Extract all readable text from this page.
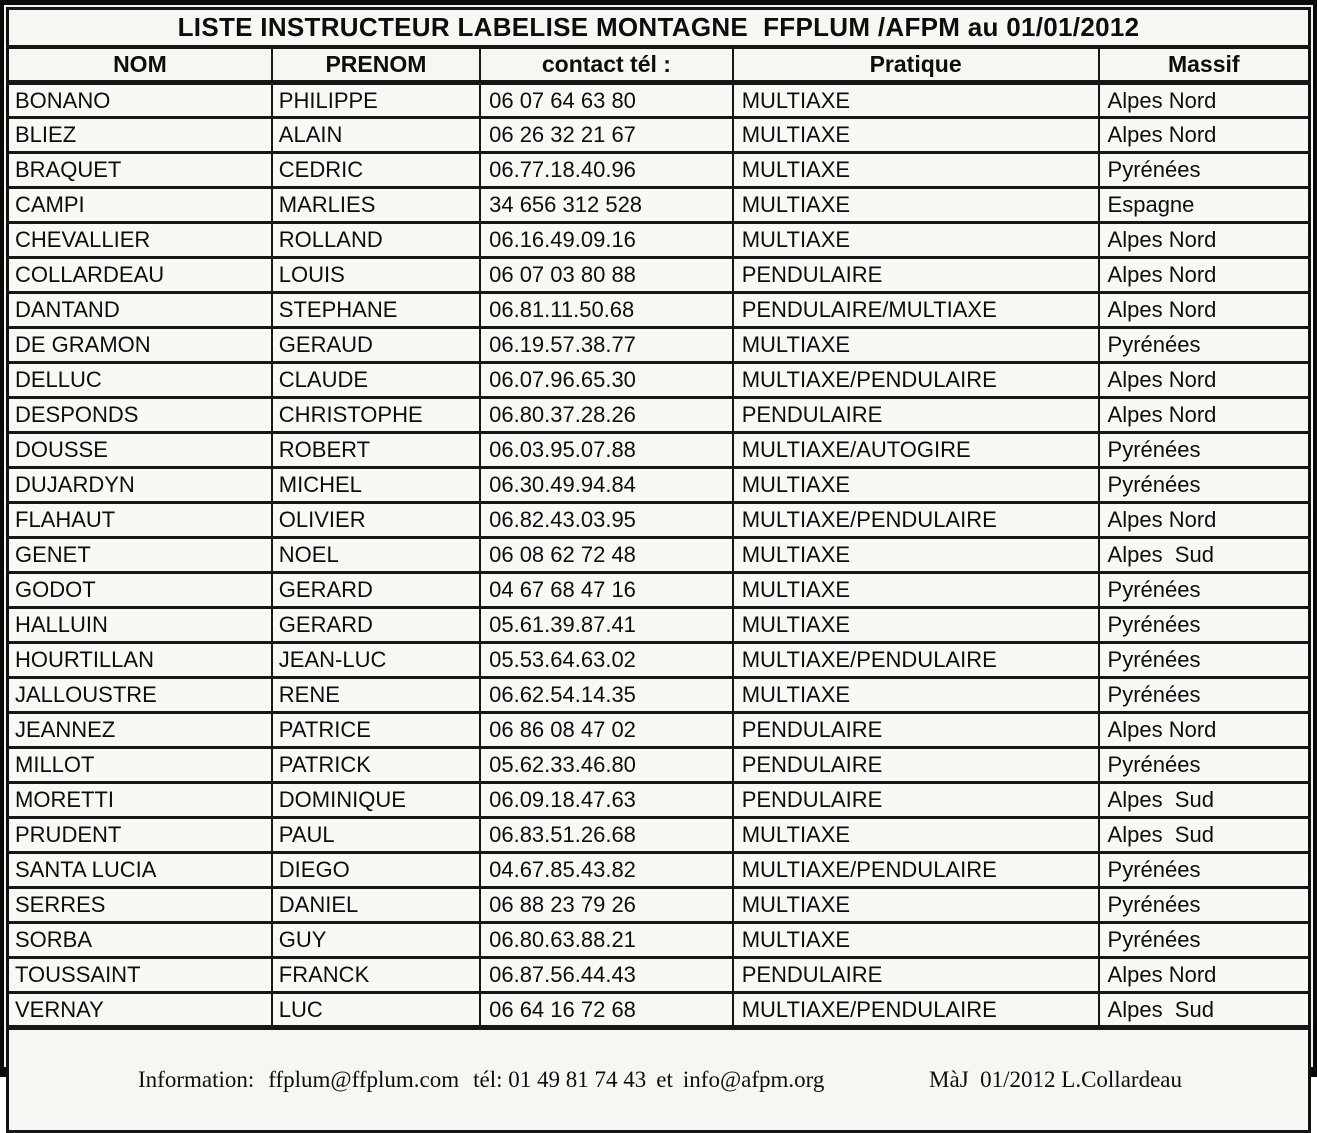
LISTE INSTRUCTEUR LABELISE MONTAGNE  FFPLUM /AFPM au 01/01/2012				
NOM	PRENOM	contact tél :	Pratique	Massif
BONANO	PHILIPPE	06 07 64 63 80	MULTIAXE	Alpes Nord
BLIEZ	ALAIN	06 26 32 21 67	MULTIAXE	Alpes Nord
BRAQUET	CEDRIC	06.77.18.40.96	MULTIAXE	Pyrénées
CAMPI	MARLIES	34 656 312 528	MULTIAXE	Espagne
CHEVALLIER	ROLLAND	06.16.49.09.16	MULTIAXE	Alpes Nord
COLLARDEAU	LOUIS	06 07 03 80 88	PENDULAIRE	Alpes Nord
DANTAND	STEPHANE	06.81.11.50.68	PENDULAIRE/MULTIAXE	Alpes Nord
DE GRAMON	GERAUD	06.19.57.38.77	MULTIAXE	Pyrénées
DELLUC	CLAUDE	06.07.96.65.30	MULTIAXE/PENDULAIRE	Alpes Nord
DESPONDS	CHRISTOPHE	06.80.37.28.26	PENDULAIRE	Alpes Nord
DOUSSE	ROBERT	06.03.95.07.88	MULTIAXE/AUTOGIRE	Pyrénées
DUJARDYN	MICHEL	06.30.49.94.84	MULTIAXE	Pyrénées
FLAHAUT	OLIVIER	06.82.43.03.95	MULTIAXE/PENDULAIRE	Alpes Nord
GENET	NOEL	06 08 62 72 48	MULTIAXE	Alpes  Sud
GODOT	GERARD	04 67 68 47 16	MULTIAXE	Pyrénées
HALLUIN	GERARD	05.61.39.87.41	MULTIAXE	Pyrénées
HOURTILLAN	JEAN-LUC	05.53.64.63.02	MULTIAXE/PENDULAIRE	Pyrénées
JALLOUSTRE	RENE	06.62.54.14.35	MULTIAXE	Pyrénées
JEANNEZ	PATRICE	06 86 08 47 02	PENDULAIRE	Alpes Nord
MILLOT	PATRICK	05.62.33.46.80	PENDULAIRE	Pyrénées
MORETTI	DOMINIQUE	06.09.18.47.63	PENDULAIRE	Alpes  Sud
PRUDENT	PAUL	06.83.51.26.68	MULTIAXE	Alpes  Sud
SANTA LUCIA	DIEGO	04.67.85.43.82	MULTIAXE/PENDULAIRE	Pyrénées
SERRES	DANIEL	06 88 23 79 26	MULTIAXE	Pyrénées
SORBA	GUY	06.80.63.88.21	MULTIAXE	Pyrénées
TOUSSAINT	FRANCK	06.87.56.44.43	PENDULAIRE	Alpes Nord
VERNAY	LUC	06 64 16 72 68	MULTIAXE/PENDULAIRE	Alpes  Sud

Information: ffplum@ffplum.com tél: 01 49 81 74 43 et info@afpm.org	MàJ  01/2012 L.Collardeau
